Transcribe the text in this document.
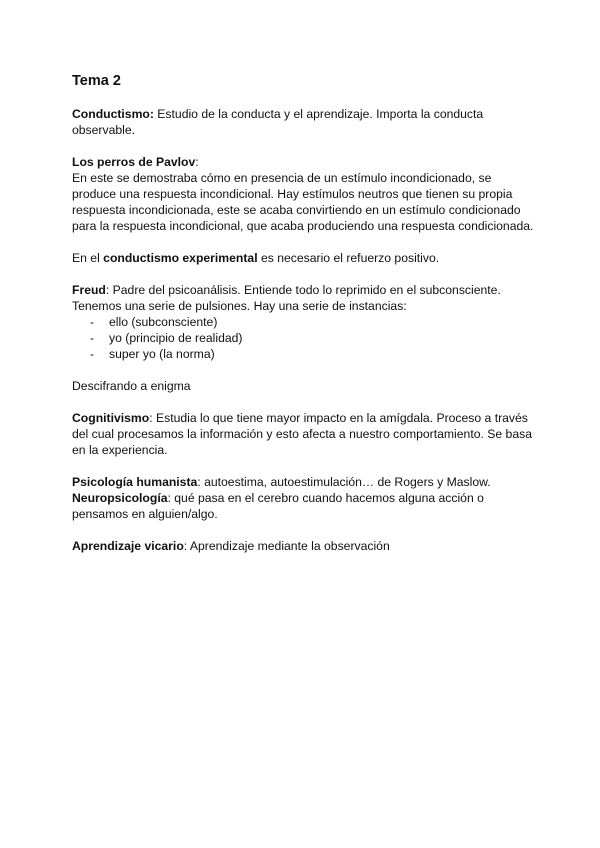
Tema 2

Conductismo: Estudio de la conducta y el aprendizaje. Importa la conducta observable.

Los perros de Pavlov:

En este se demostraba cómo en presencia de un estímulo incondicionado, se produce una respuesta incondicional. Hay estímulos neutros que tienen su propia respuesta incondicionada, este se acaba convirtiendo en un estímulo condicionado para la respuesta incondicional, que acaba produciendo una respuesta condicionada.

En el conductismo experimental es necesario el refuerzo positivo.

Freud: Padre del psicoanálisis. Entiende todo lo reprimido en el subconsciente. Tenemos una serie de pulsiones. Hay una serie de instancias:

- ello (subconsciente)
- yo (principio de realidad)
- super yo (la norma)

Descifrando a enigma

Cognitivismo: Estudia lo que tiene mayor impacto en la amígdala. Proceso a través del cual procesamos la información y esto afecta a nuestro comportamiento. Se basa en la experiencia.

Psicología humanista: autoestima, autoestimulación… de Rogers y Maslow.

Neuropsicología: qué pasa en el cerebro cuando hacemos alguna acción o pensamos en alguien/algo.

Aprendizaje vicario: Aprendizaje mediante la observación
